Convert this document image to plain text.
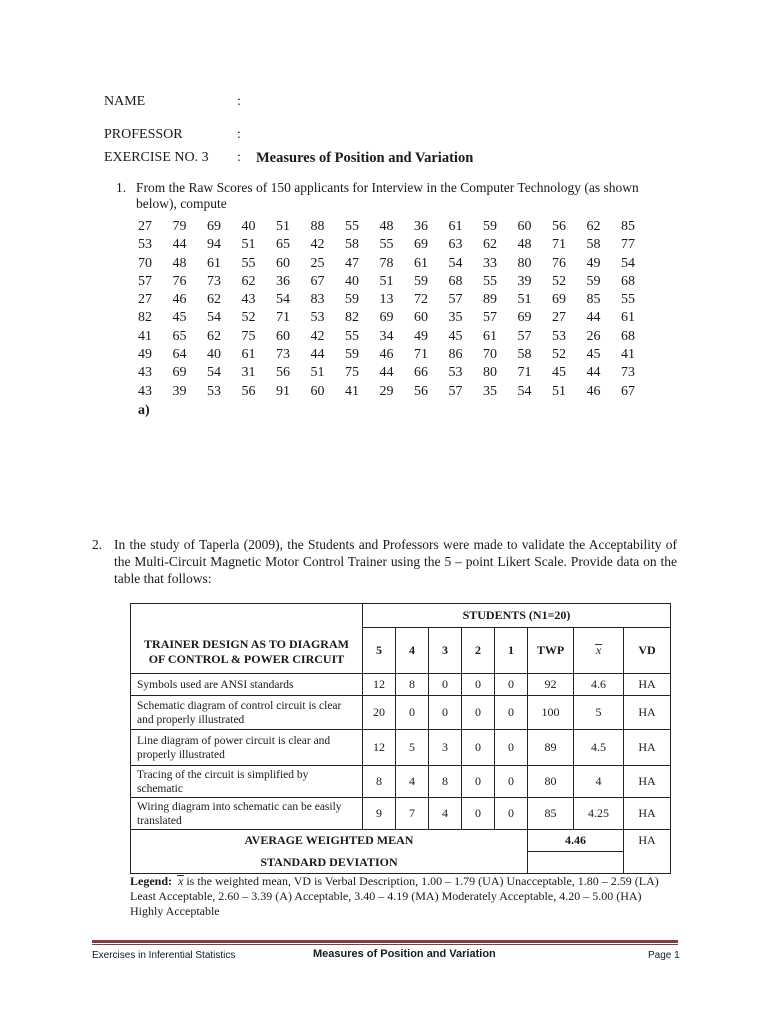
NAME	:
PROFESSOR	:
EXERCISE NO. 3 : Measures of Position and Variation
1. From the Raw Scores of 150 applicants for Interview in the Computer Technology (as shown below), compute
27	79	69	40	51	88	55	48	36	61	59	60	56	62	85
53	44	94	51	65	42	58	55	69	63	62	48	71	58	77
70	48	61	55	60	25	47	78	61	54	33	80	76	49	54
57	76	73	62	36	67	40	51	59	68	55	39	52	59	68
27	46	62	43	54	83	59	13	72	57	89	51	69	85	55
82	45	54	52	71	53	82	69	60	35	57	69	27	44	61
41	65	62	75	60	42	55	34	49	45	61	57	53	26	68
49	64	40	61	73	44	59	46	71	86	70	58	52	45	41
43	69	54	31	56	51	75	44	66	53	80	71	45	44	73
43	39	53	56	91	60	41	29	56	57	35	54	51	46	67
a)
2. In the study of Taperla (2009), the Students and Professors were made to validate the Acceptability of the Multi-Circuit Magnetic Motor Control Trainer using the 5 – point Likert Scale. Provide data on the table that follows:
TRAINER DESIGN AS TO DIAGRAM OF CONTROL & POWER CIRCUIT	STUDENTS (N1=20)							
	5	4	3	2	1	TWP	x	VD
Symbols used are ANSI standards	12	8	0	0	0	92	4.6	HA
Schematic diagram of control circuit is clear and properly illustrated	20	0	0	0	0	100	5	HA
Line diagram of power circuit is clear and properly illustrated	12	5	3	0	0	89	4.5	HA
Tracing of the circuit is simplified by schematic	8	4	8	0	0	80	4	HA
Wiring diagram into schematic can be easily translated	9	7	4	0	0	85	4.25	HA
AVERAGE WEIGHTED MEAN						4.46		HA
STANDARD DEVIATION								
Legend: x is the weighted mean, VD is Verbal Description, 1.00 – 1.79 (UA) Unacceptable, 1.80 – 2.59 (LA) Least Acceptable, 2.60 – 3.39 (A) Acceptable, 3.40 – 4.19 (MA) Moderately Acceptable, 4.20 – 5.00 (HA) Highly Acceptable
Exercises in Inferential Statistics	Measures of Position and Variation	Page 1
